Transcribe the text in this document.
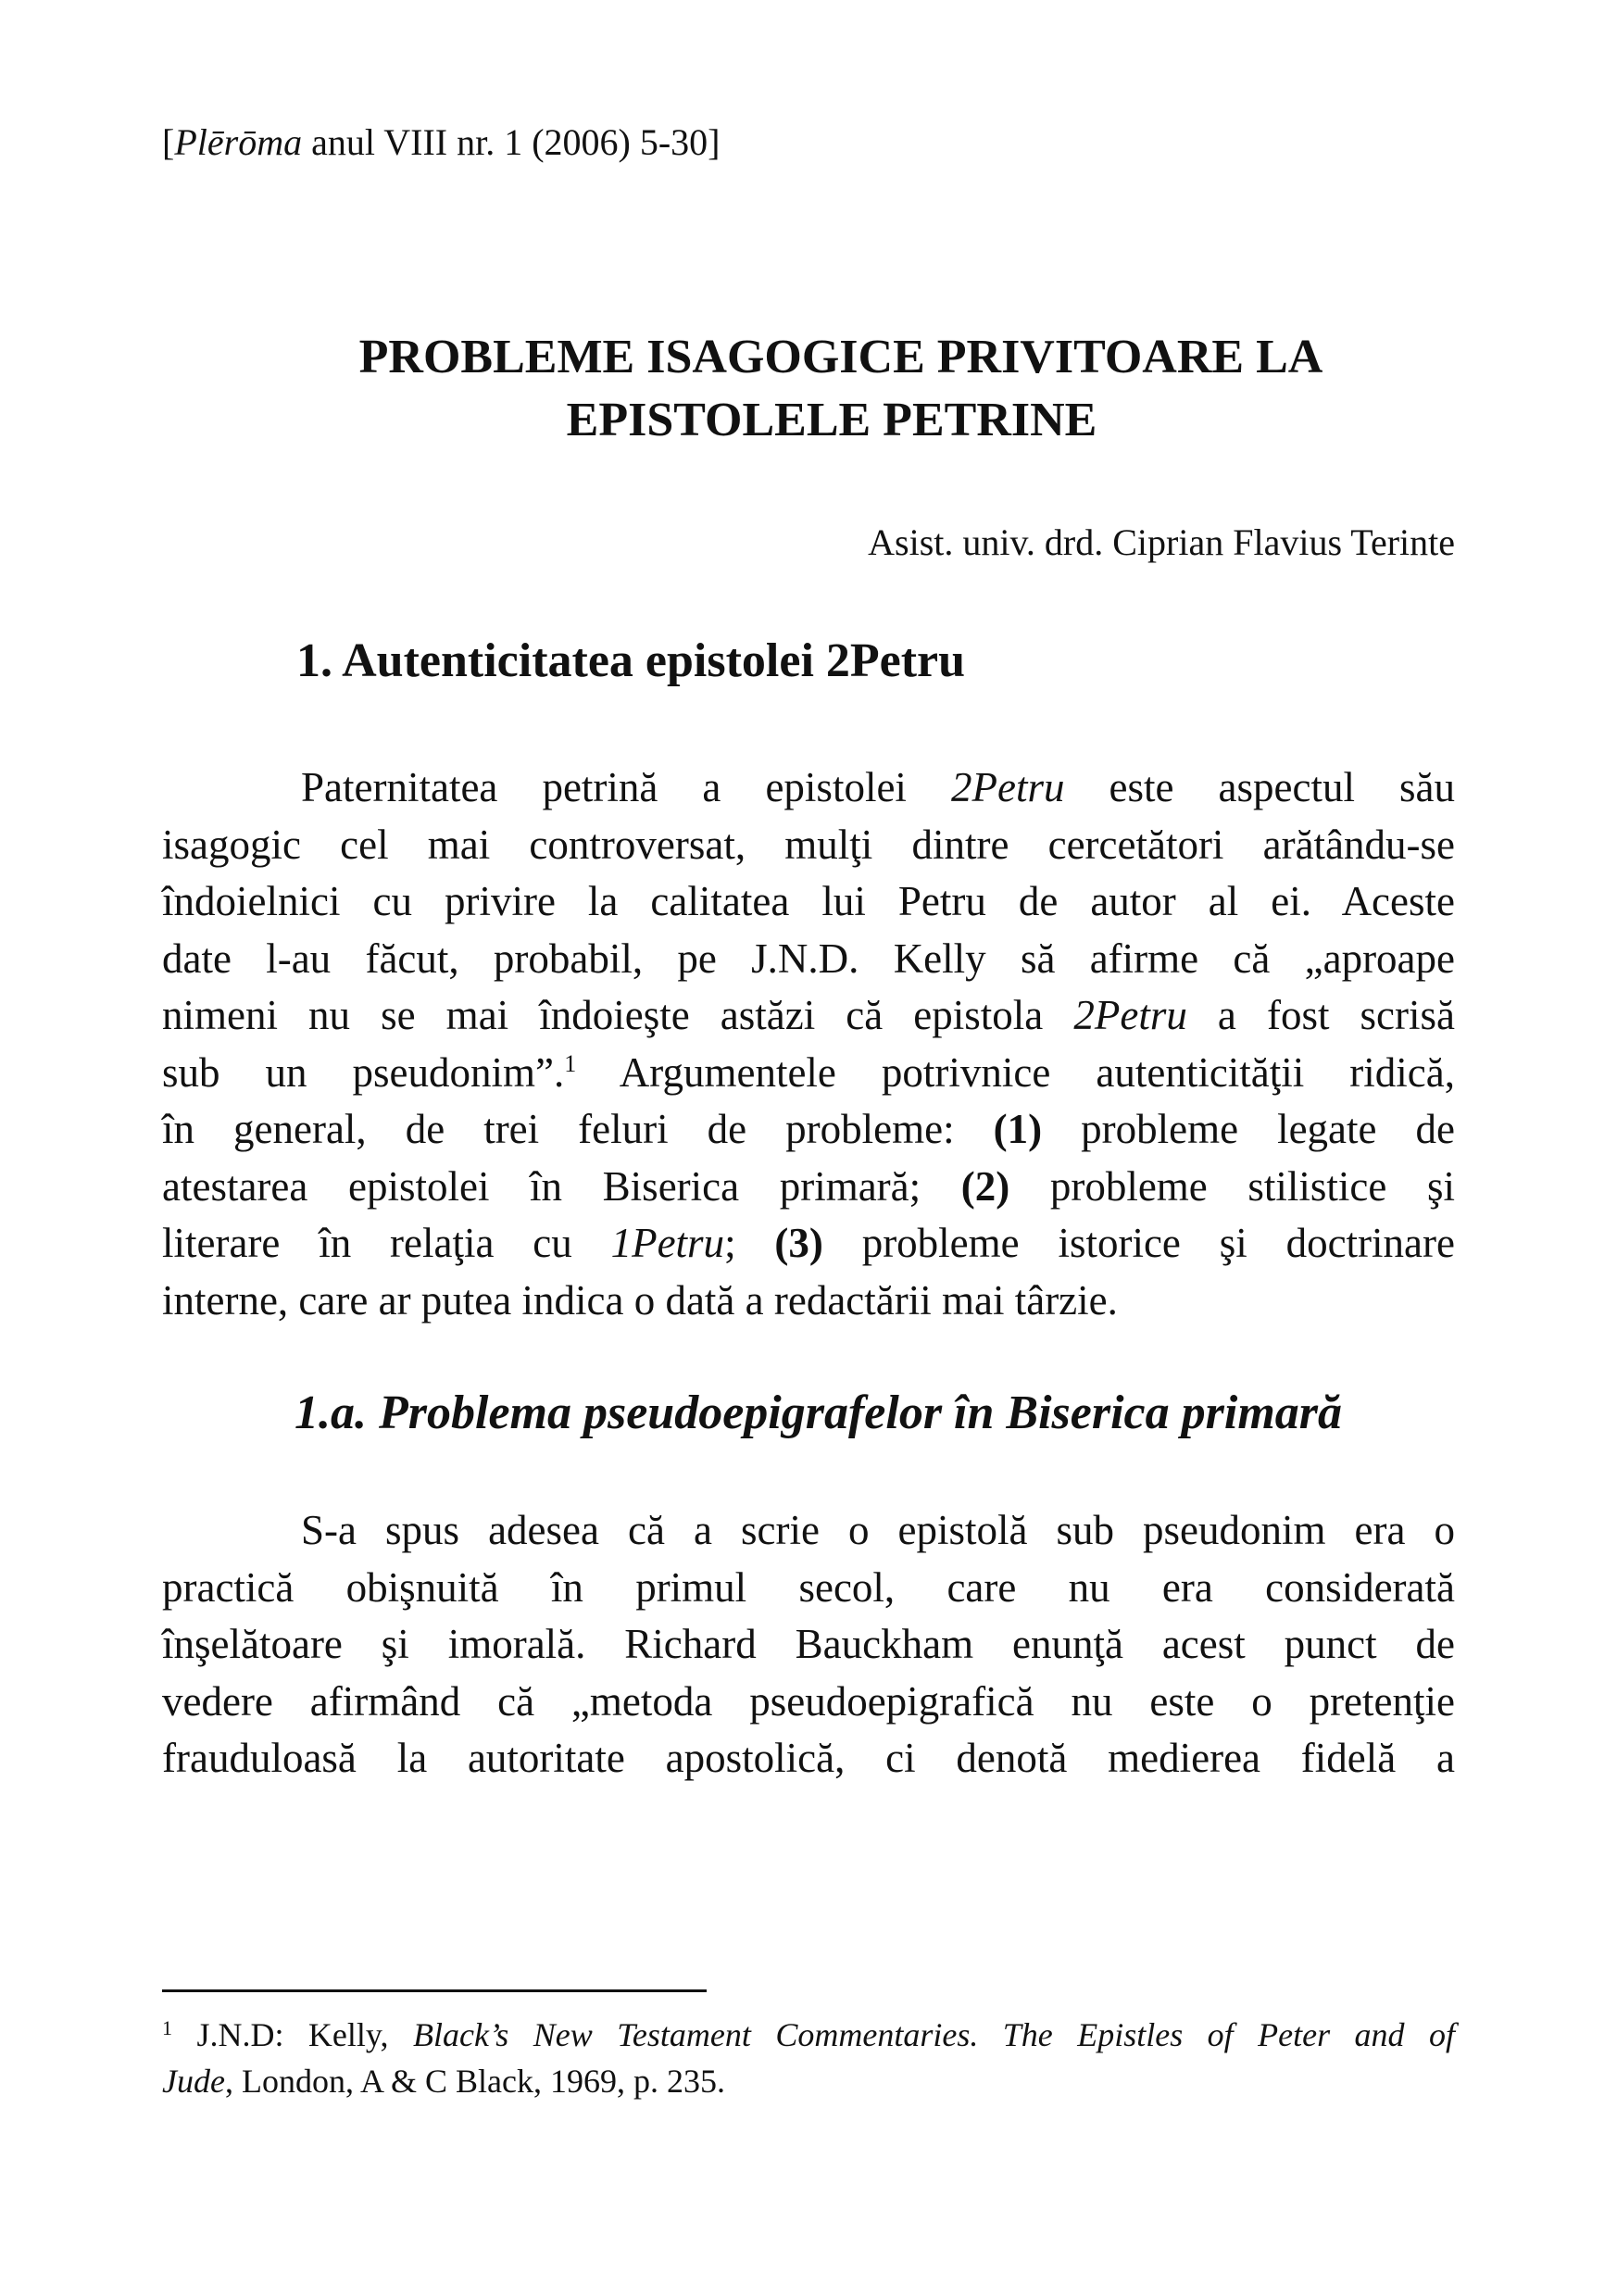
[Plērōma anul VIII nr. 1 (2006) 5-30]
PROBLEME ISAGOGICE PRIVITOARE LA
EPISTOLELE PETRINE
Asist. univ. drd. Ciprian Flavius Terinte
1. Autenticitatea epistolei 2Petru
Paternitatea petrină a epistolei 2Petru este aspectul său
isagogic cel mai controversat, mulţi dintre cercetători arătându-se
îndoielnici cu privire la calitatea lui Petru de autor al ei. Aceste
date l-au făcut, probabil, pe J.N.D. Kelly să afirme că „aproape
nimeni nu se mai îndoieşte astăzi că epistola 2Petru a fost scrisă
sub un pseudonim”.$^1$ Argumentele potrivnice autenticităţii ridică,
în general, de trei feluri de probleme: (1) probleme legate de
atestarea epistolei în Biserica primară; (2) probleme stilistice şi
literare în relaţia cu 1Petru; (3) probleme istorice şi doctrinare
interne, care ar putea indica o dată a redactării mai târzie.
1.a. Problema pseudoepigrafelor în Biserica primară
S-a spus adesea că a scrie o epistolă sub pseudonim era o
practică obişnuită în primul secol, care nu era considerată
înşelătoare şi imorală. Richard Bauckham enunţă acest punct de
vedere afirmând că „metoda pseudoepigrafică nu este o pretenţie
frauduloasă la autoritate apostolică, ci denotă medierea fidelă a
$^1$ J.N.D: Kelly, Black’s New Testament Commentaries. The Epistles of Peter and of
Jude, London, A & C Black, 1969, p. 235.
